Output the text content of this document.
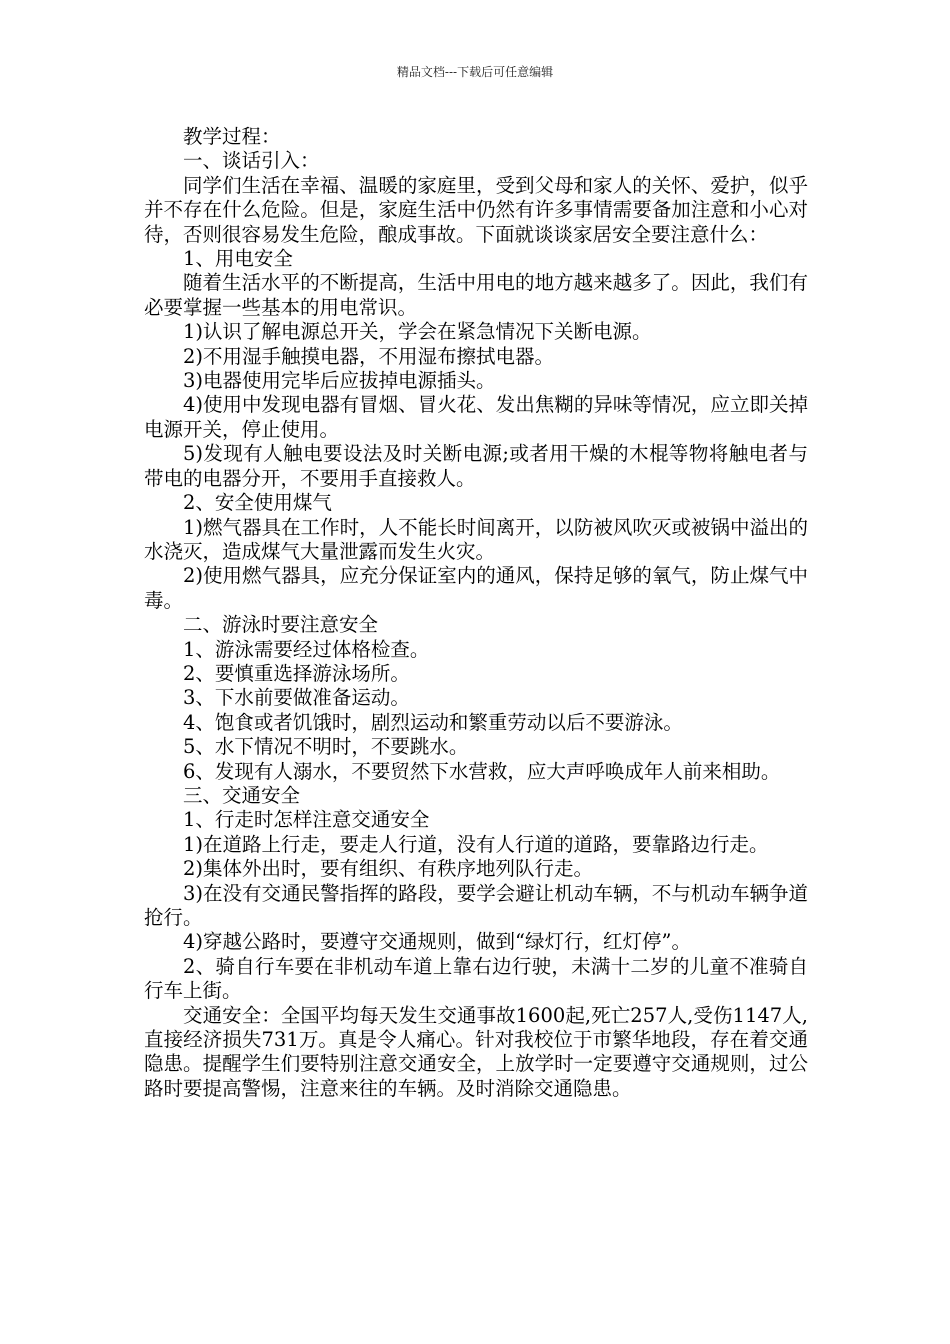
精品文档---下载后可任意编辑

教学过程：

一、谈话引入：

同学们生活在幸福、温暖的家庭里，受到父母和家人的关怀、爱护，似乎并不存在什么危险。但是，家庭生活中仍然有许多事情需要备加注意和小心对待，否则很容易发生危险，酿成事故。下面就谈谈家居安全要注意什么：

1、用电安全

随着生活水平的不断提高，生活中用电的地方越来越多了。因此，我们有必要掌握一些基本的用电常识。

1)认识了解电源总开关，学会在紧急情况下关断电源。

2)不用湿手触摸电器，不用湿布擦拭电器。

3)电器使用完毕后应拔掉电源插头。

4)使用中发现电器有冒烟、冒火花、发出焦糊的异味等情况，应立即关掉电源开关，停止使用。

5)发现有人触电要设法及时关断电源;或者用干燥的木棍等物将触电者与带电的电器分开，不要用手直接救人。

2、安全使用煤气

1)燃气器具在工作时，人不能长时间离开，以防被风吹灭或被锅中溢出的水浇灭，造成煤气大量泄露而发生火灾。

2)使用燃气器具，应充分保证室内的通风，保持足够的氧气，防止煤气中毒。

二、游泳时要注意安全

1、游泳需要经过体格检查。

2、要慎重选择游泳场所。

3、下水前要做准备运动。

4、饱食或者饥饿时，剧烈运动和繁重劳动以后不要游泳。

5、水下情况不明时，不要跳水。

6、发现有人溺水，不要贸然下水营救，应大声呼唤成年人前来相助。

三、交通安全

1、行走时怎样注意交通安全

1)在道路上行走，要走人行道，没有人行道的道路，要靠路边行走。

2)集体外出时，要有组织、有秩序地列队行走。

3)在没有交通民警指挥的路段，要学会避让机动车辆，不与机动车辆争道抢行。

4)穿越公路时，要遵守交通规则，做到“绿灯行，红灯停”。

2、骑自行车要在非机动车道上靠右边行驶，未满十二岁的儿童不准骑自行车上街。

交通安全：全国平均每天发生交通事故1600起,死亡257人,受伤1147人,直接经济损失731万。真是令人痛心。针对我校位于市繁华地段，存在着交通隐患。提醒学生们要特别注意交通安全，上放学时一定要遵守交通规则，过公路时要提高警惕，注意来往的车辆。及时消除交通隐患。
